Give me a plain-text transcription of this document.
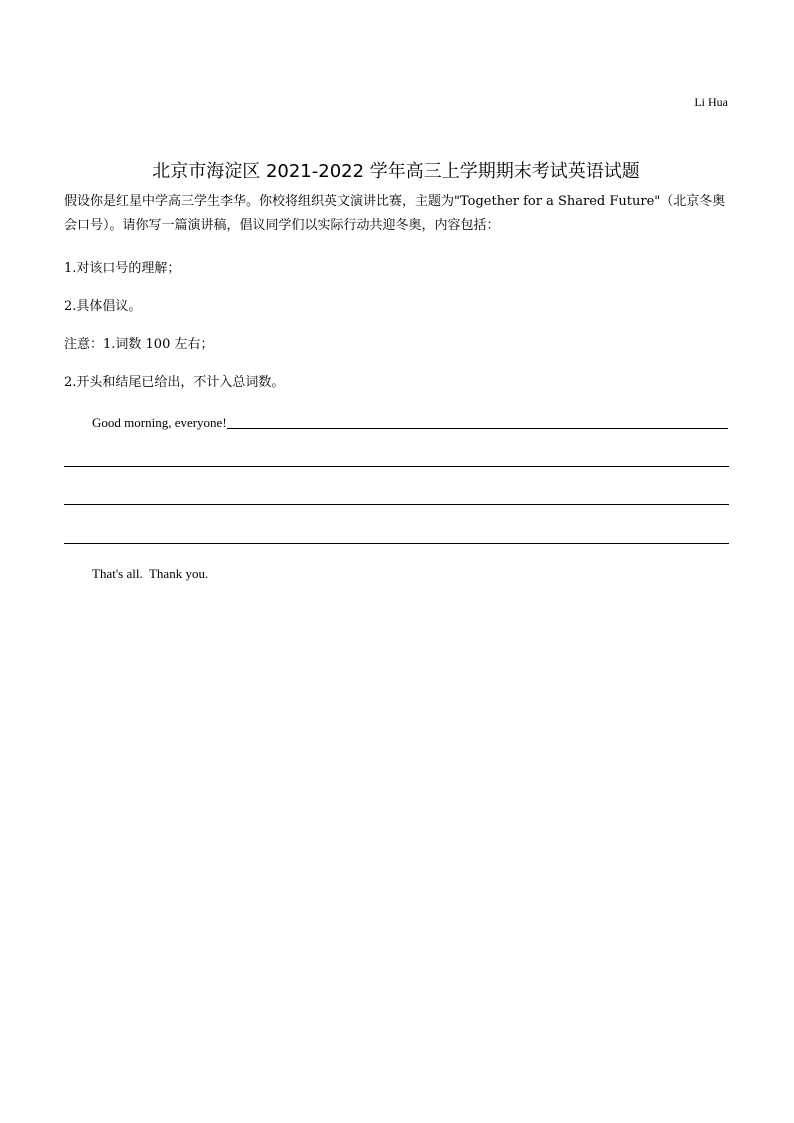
Li Hua
北京市海淀区 2021-2022 学年高三上学期期末考试英语试题
假设你是红星中学高三学生李华。你校将组织英文演讲比赛，主题为"Together for a Shared Future"（北京冬奥会口号）。请你写一篇演讲稿，倡议同学们以实际行动共迎冬奥，内容包括：
1.对该口号的理解；
2.具体倡议。
注意：1.词数 100 左右；
2.开头和结尾已给出，不计入总词数。
Good morning, everyone!
That's all.  Thank you.
